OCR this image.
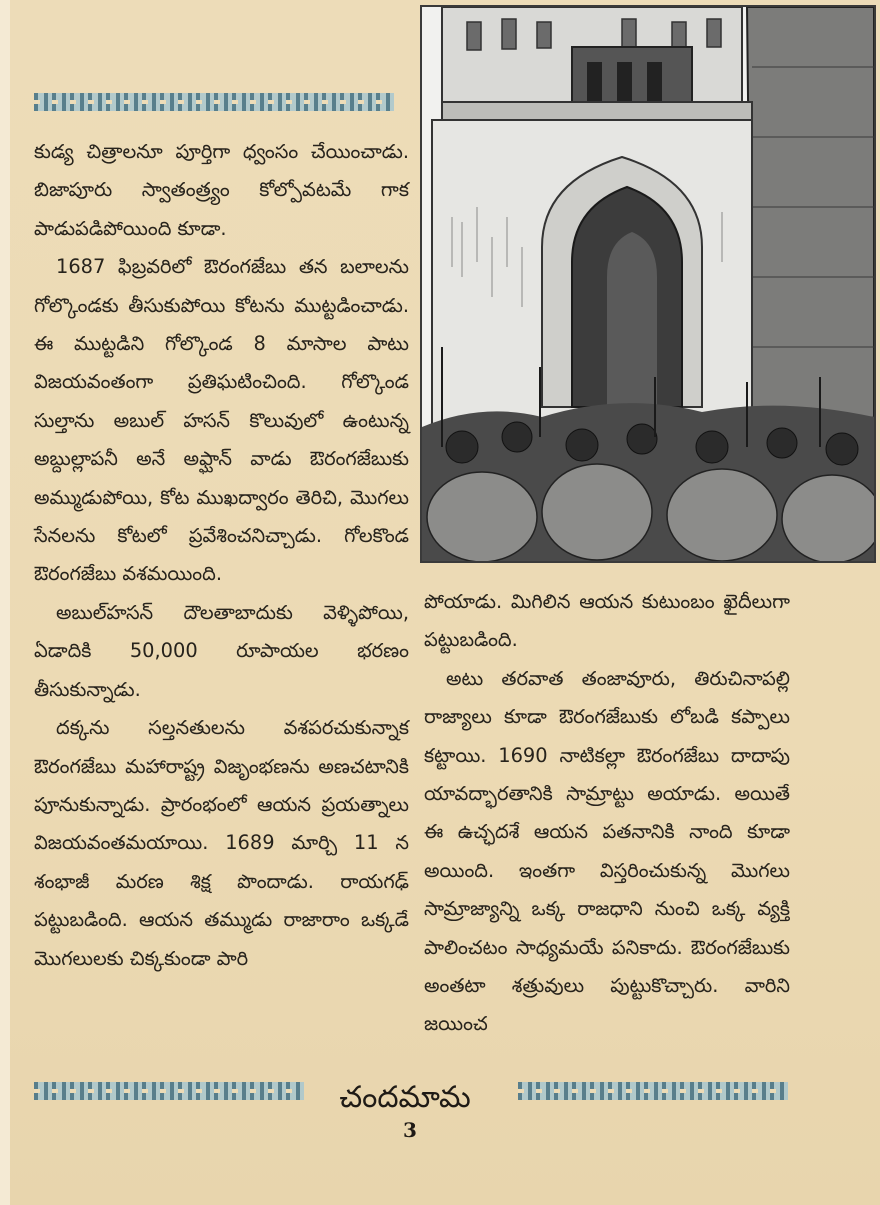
కుడ్య చిత్రాలనూ పూర్తిగా ధ్వంసం చేయించాడు. బిజాపూరు స్వాతంత్ర్యం కోల్పోవటమే గాక పాడుపడిపోయింది కూడా.

1687 ఫిబ్రవరిలో ఔరంగజేబు తన బలాలను గోల్కొండకు తీసుకుపోయి కోటను ముట్టడించాడు. ఈ ముట్టడిని గోల్కొండ 8 మాసాల పాటు విజయవంతంగా ప్రతిఘటించింది. గోల్కొండ సుల్తాను అబుల్ హసన్ కొలువులో ఉంటున్న అబ్దుల్లాపనీ అనే అఫ్ఘాన్ వాడు ఔరంగజేబుకు అమ్ముడుపోయి, కోట ముఖద్వారం తెరిచి, మొగలు సేనలను కోటలో ప్రవేశించనిచ్చాడు. గోలకొండ ఔరంగజేబు వశమయింది.

అబుల్‌హసన్ దౌలతాబాదుకు వెళ్ళిపోయి, ఏడాదికి 50,000 రూపాయల భరణం తీసుకున్నాడు.

దక్కను సల్తనతులను వశపరచుకున్నాక ఔరంగజేబు మహారాష్ట్ర విజృంభణను అణచటానికి పూనుకున్నాడు. ప్రారంభంలో ఆయన ప్రయత్నాలు విజయవంతమయాయి. 1689 మార్చి 11 న శంభాజీ మరణ శిక్ష పొందాడు. రాయగఢ్ పట్టుబడింది. ఆయన తమ్ముడు రాజారాం ఒక్కడే మొగలులకు చిక్కకుండా పారి

పోయాడు. మిగిలిన ఆయన కుటుంబం ఖైదీలుగా పట్టుబడింది.

అటు తరవాత తంజావూరు, తిరుచినాపల్లి రాజ్యాలు కూడా ఔరంగజేబుకు లోబడి కప్పాలు కట్టాయి. 1690 నాటికల్లా ఔరంగజేబు దాదాపు యావద్భారతానికి సామ్రాట్టు అయాడు. అయితే ఈ ఉచ్ఛదశే ఆయన పతనానికి నాంది కూడా అయింది. ఇంతగా విస్తరించుకున్న మొగలు సామ్రాజ్యాన్ని ఒక్క రాజధాని నుంచి ఒక్క వ్యక్తి పాలించటం సాధ్యమయే పనికాదు. ఔరంగజేబుకు అంతటా శత్రువులు పుట్టుకొచ్చారు. వారిని జయించ

చందమామ
3
